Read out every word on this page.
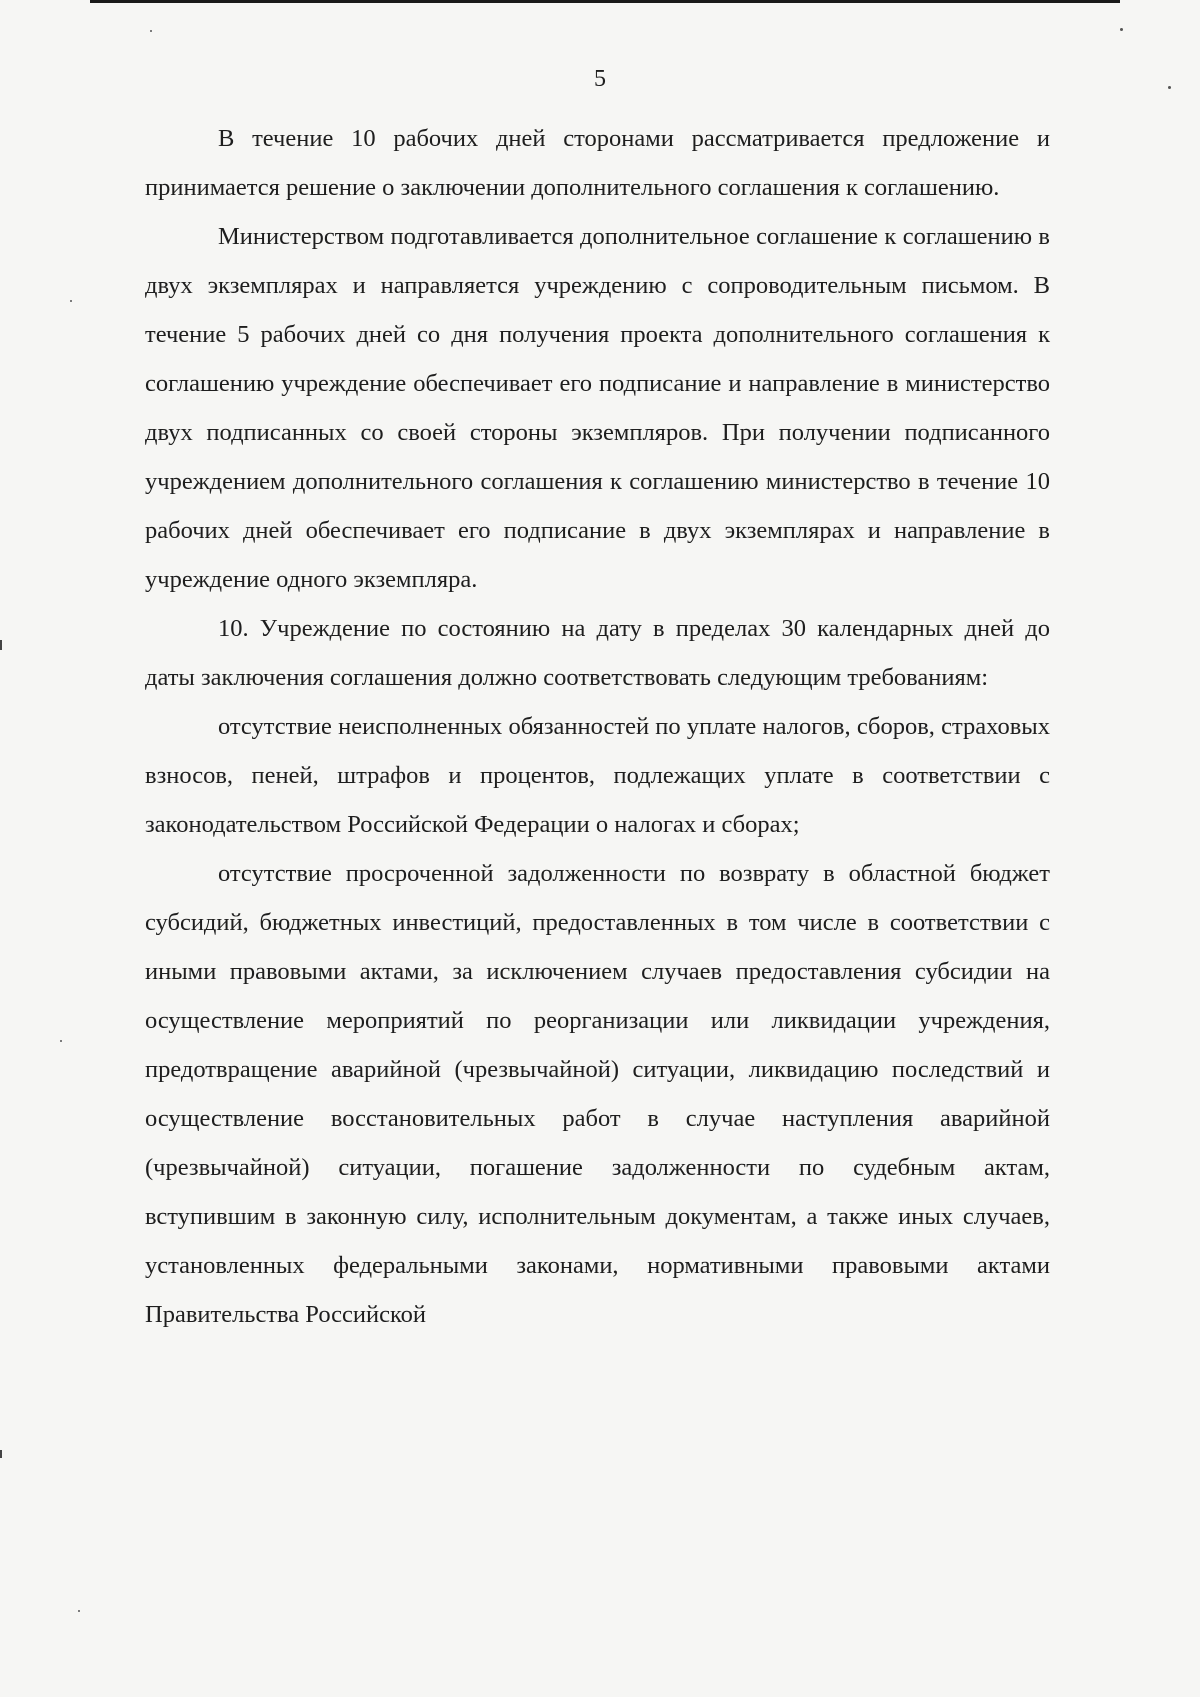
5

В течение 10 рабочих дней сторонами рассматривается предложение и принимается решение о заключении дополнительного соглашения к соглашению.

Министерством подготавливается дополнительное соглашение к соглашению в двух экземплярах и направляется учреждению с сопроводительным письмом. В течение 5 рабочих дней со дня получения проекта дополнительного соглашения к соглашению учреждение обеспечивает его подписание и направление в министерство двух подписанных со своей стороны экземпляров. При получении подписанного учреждением дополнительного соглашения к соглашению министерство в течение 10 рабочих дней обеспечивает его подписание в двух экземплярах и направление в учреждение одного экземпляра.

10. Учреждение по состоянию на дату в пределах 30 календарных дней до даты заключения соглашения должно соответствовать следующим требованиям:

отсутствие неисполненных обязанностей по уплате налогов, сборов, страховых взносов, пеней, штрафов и процентов, подлежащих уплате в соответствии с законодательством Российской Федерации о налогах и сборах;

отсутствие просроченной задолженности по возврату в областной бюджет субсидий, бюджетных инвестиций, предоставленных в том числе в соответствии с иными правовыми актами, за исключением случаев предоставления субсидии на осуществление мероприятий по реорганизации или ликвидации учреждения, предотвращение аварийной (чрезвычайной) ситуации, ликвидацию последствий и осуществление восстановительных работ в случае наступления аварийной (чрезвычайной) ситуации, погашение задолженности по судебным актам, вступившим в законную силу, исполнительным документам, а также иных случаев, установленных федеральными законами, нормативными правовыми актами Правительства Российской
